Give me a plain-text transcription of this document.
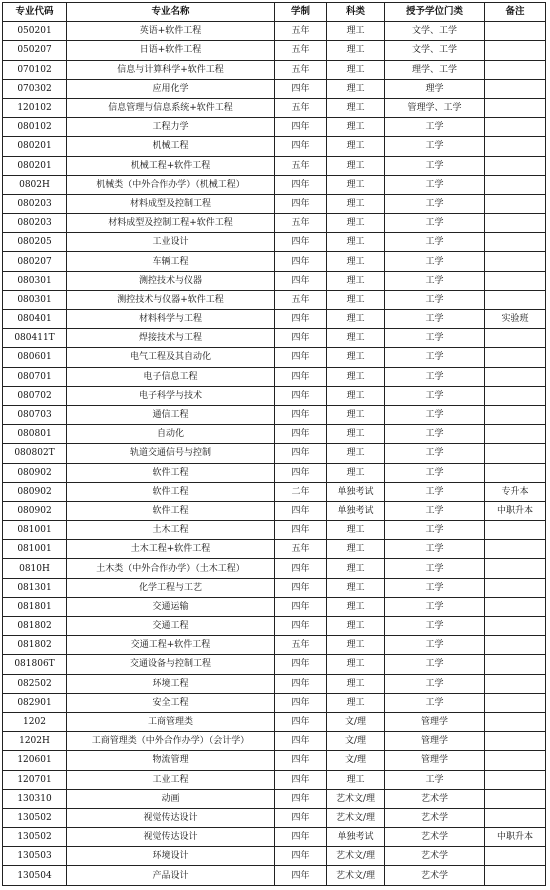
专业代码	专业名称	学制	科类	授予学位门类	备注
050201	英语+软件工程	五年	理工	文学、工学	
050207	日语+软件工程	五年	理工	文学、工学	
070102	信息与计算科学+软件工程	五年	理工	理学、工学	
070302	应用化学	四年	理工	理学	
120102	信息管理与信息系统+软件工程	五年	理工	管理学、工学	
080102	工程力学	四年	理工	工学	
080201	机械工程	四年	理工	工学	
080201	机械工程+软件工程	五年	理工	工学	
0802H	机械类（中外合作办学）（机械工程）	四年	理工	工学	
080203	材料成型及控制工程	四年	理工	工学	
080203	材料成型及控制工程+软件工程	五年	理工	工学	
080205	工业设计	四年	理工	工学	
080207	车辆工程	四年	理工	工学	
080301	测控技术与仪器	四年	理工	工学	
080301	测控技术与仪器+软件工程	五年	理工	工学	
080401	材料科学与工程	四年	理工	工学	实验班
080411T	焊接技术与工程	四年	理工	工学	
080601	电气工程及其自动化	四年	理工	工学	
080701	电子信息工程	四年	理工	工学	
080702	电子科学与技术	四年	理工	工学	
080703	通信工程	四年	理工	工学	
080801	自动化	四年	理工	工学	
080802T	轨道交通信号与控制	四年	理工	工学	
080902	软件工程	四年	理工	工学	
080902	软件工程	二年	单独考试	工学	专升本
080902	软件工程	四年	单独考试	工学	中职升本
081001	土木工程	四年	理工	工学	
081001	土木工程+软件工程	五年	理工	工学	
0810H	土木类（中外合作办学）（土木工程）	四年	理工	工学	
081301	化学工程与工艺	四年	理工	工学	
081801	交通运输	四年	理工	工学	
081802	交通工程	四年	理工	工学	
081802	交通工程+软件工程	五年	理工	工学	
081806T	交通设备与控制工程	四年	理工	工学	
082502	环境工程	四年	理工	工学	
082901	安全工程	四年	理工	工学	
1202	工商管理类	四年	文/理	管理学	
1202H	工商管理类（中外合作办学）（会计学）	四年	文/理	管理学	
120601	物流管理	四年	文/理	管理学	
120701	工业工程	四年	理工	工学	
130310	动画	四年	艺术文/理	艺术学	
130502	视觉传达设计	四年	艺术文/理	艺术学	
130502	视觉传达设计	四年	单独考试	艺术学	中职升本
130503	环境设计	四年	艺术文/理	艺术学	
130504	产品设计	四年	艺术文/理	艺术学	
